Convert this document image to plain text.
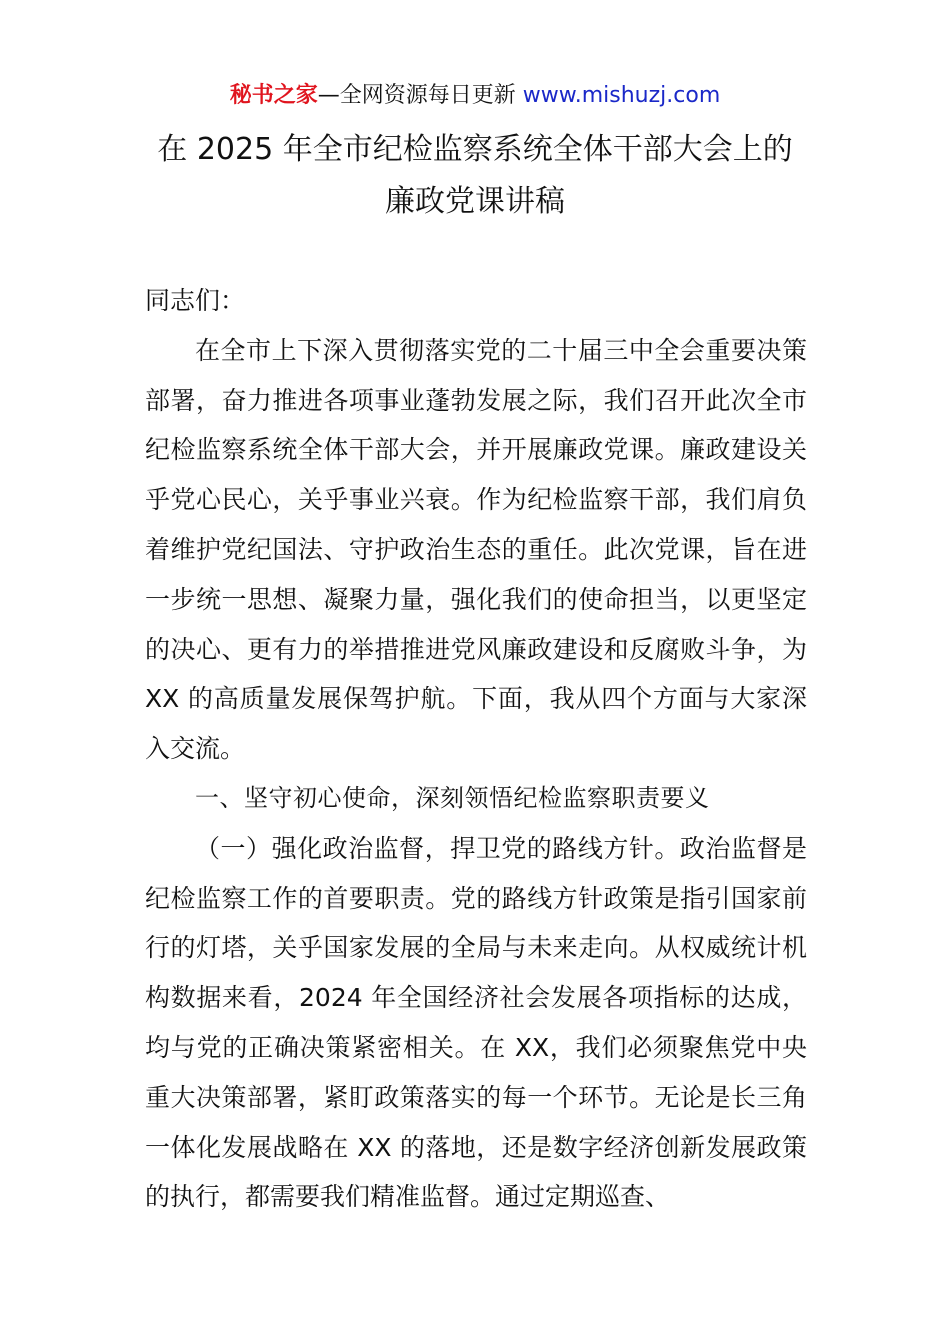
秘书之家—全网资源每日更新 www.mishuzj.com
在 2025 年全市纪检监察系统全体干部大会上的
廉政党课讲稿

同志们：

在全市上下深入贯彻落实党的二十届三中全会重要决策部署，奋力推进各项事业蓬勃发展之际，我们召开此次全市纪检监察系统全体干部大会，并开展廉政党课。廉政建设关乎党心民心，关乎事业兴衰。作为纪检监察干部，我们肩负着维护党纪国法、守护政治生态的重任。此次党课，旨在进一步统一思想、凝聚力量，强化我们的使命担当，以更坚定的决心、更有力的举措推进党风廉政建设和反腐败斗争，为 XX 的高质量发展保驾护航。下面，我从四个方面与大家深入交流。

一、坚守初心使命，深刻领悟纪检监察职责要义

（一）强化政治监督，捍卫党的路线方针。政治监督是纪检监察工作的首要职责。党的路线方针政策是指引国家前行的灯塔，关乎国家发展的全局与未来走向。从权威统计机构数据来看，2024 年全国经济社会发展各项指标的达成，均与党的正确决策紧密相关。在 XX，我们必须聚焦党中央重大决策部署，紧盯政策落实的每一个环节。无论是长三角一体化发展战略在 XX 的落地，还是数字经济创新发展政策的执行，都需要我们精准监督。通过定期巡查、
